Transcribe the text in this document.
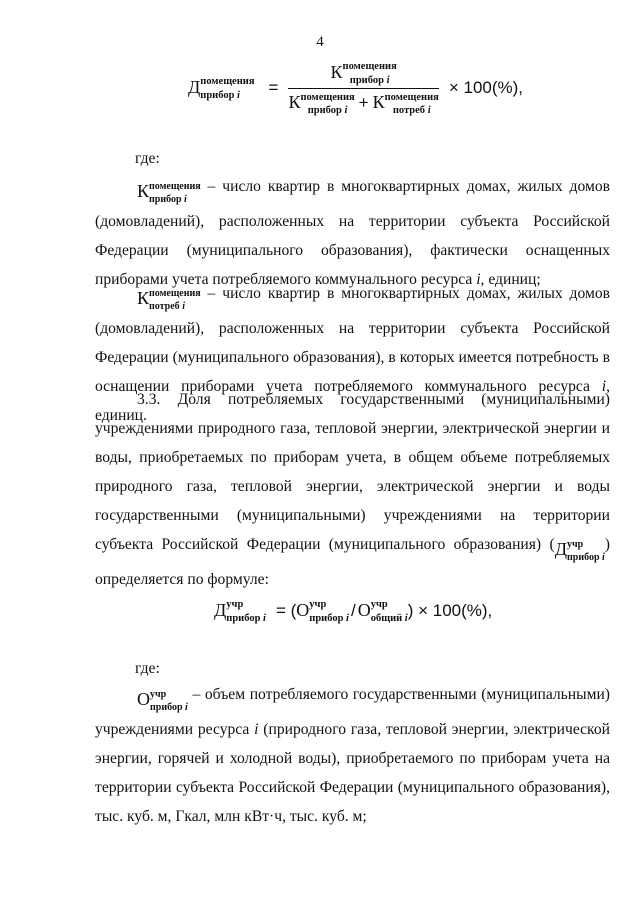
4
Д помещения
прибор i	= К помещения
прибор i
К помещения
прибор i + К помещения
потреб i × 100(%),
где:

К помещения
прибор i
– число квартир в многоквартирных домах, жилых домов (домовладений), расположенных на территории субъекта Российской Федерации (муниципального образования), фактически оснащенных приборами учета потребляемого коммунального ресурса i, единиц;

К помещения
потреб i
– число квартир в многоквартирных домах, жилых домов (домовладений), расположенных на территории субъекта Российской Федерации (муниципального образования), в которых имеется потребность в оснащении приборами учета потребляемого коммунального ресурса i, единиц.

3.3. Доля потребляемых государственными (муниципальными) учреждениями природного газа, тепловой энергии, электрической энергии и воды, приобретаемых по приборам учета, в общем объеме потребляемых природного газа, тепловой энергии, электрической энергии и воды государственными (муниципальными) учреждениями на территории субъекта Российской Федерации (муниципального образования) (Д учр
прибор i
) определяется по формуле:

Д учр
прибор i = (О учр
прибор i / О учр
общий i ) × 100(%),
где:

О учр
прибор i
– объем потребляемого государственными (муниципальными) учреждениями ресурса i (природного газа, тепловой энергии, электрической энергии, горячей и холодной воды), приобретаемого по приборам учета на территории субъекта Российской Федерации (муниципального образования), тыс. куб. м, Гкал, млн кВт·ч, тыс. куб. м;
